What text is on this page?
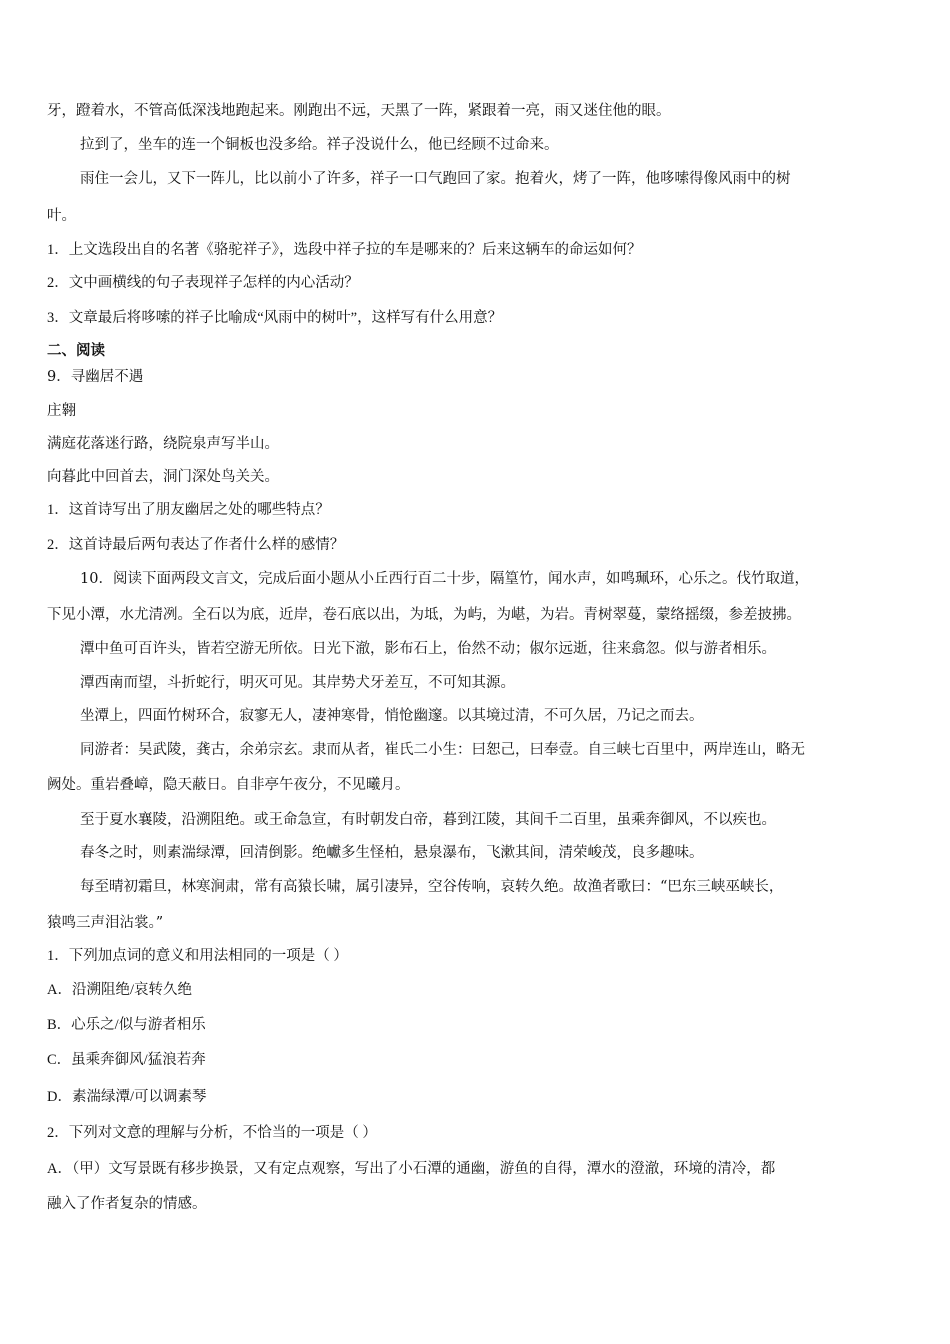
牙，蹬着水，不管高低深浅地跑起来。刚跑出不远，天黑了一阵，紧跟着一亮，雨又迷住他的眼。
拉到了，坐车的连一个铜板也没多给。祥子没说什么，他已经顾不过命来。
雨住一会儿，又下一阵儿，比以前小了许多，祥子一口气跑回了家。抱着火，烤了一阵，他哆嗦得像风雨中的树
叶。
1．上文选段出自的名著《骆驼祥子》，选段中祥子拉的车是哪来的？后来这辆车的命运如何？
2．文中画横线的句子表现祥子怎样的内心活动？
3．文章最后将哆嗦的祥子比喻成“风雨中的树叶”，这样写有什么用意？
二、阅读
9．寻幽居不遇
庄翱
满庭花落迷行路，绕院泉声写半山。
向暮此中回首去，洞门深处鸟关关。
1．这首诗写出了朋友幽居之处的哪些特点？
2．这首诗最后两句表达了作者什么样的感情？
10．阅读下面两段文言文，完成后面小题从小丘西行百二十步，隔篁竹，闻水声，如鸣珮环，心乐之。伐竹取道，
下见小潭，水尤清冽。全石以为底，近岸，卷石底以出，为坻，为屿，为嵁，为岩。青树翠蔓，蒙络摇缀，参差披拂。
潭中鱼可百许头，皆若空游无所依。日光下澈，影布石上，佁然不动；俶尔远逝，往来翕忽。似与游者相乐。
潭西南而望，斗折蛇行，明灭可见。其岸势犬牙差互，不可知其源。
坐潭上，四面竹树环合，寂寥无人，凄神寒骨，悄怆幽邃。以其境过清，不可久居，乃记之而去。
同游者：吴武陵，龚古，余弟宗玄。隶而从者，崔氏二小生：曰恕己，曰奉壹。自三峡七百里中，两岸连山，略无
阙处。重岩叠嶂，隐天蔽日。自非亭午夜分，不见曦月。
至于夏水襄陵，沿溯阻绝。或王命急宣，有时朝发白帝，暮到江陵，其间千二百里，虽乘奔御风，不以疾也。
春冬之时，则素湍绿潭，回清倒影。绝巘多生怪柏，悬泉瀑布，飞漱其间，清荣峻茂，良多趣味。
每至晴初霜旦，林寒涧肃，常有高猿长啸，属引凄异，空谷传响，哀转久绝。故渔者歌曰：“巴东三峡巫峡长，
猿鸣三声泪沾裳。”
1．下列加点词的意义和用法相同的一项是（ ）
A．沿溯阻绝/哀转久绝
B．心乐之/似与游者相乐
C．虽乘奔御风/猛浪若奔
D．素湍绿潭/可以调素琴
2．下列对文意的理解与分析，不恰当的一项是（ ）
A．（甲）文写景既有移步换景，又有定点观察，写出了小石潭的通幽，游鱼的自得，潭水的澄澈，环境的清冷，都
融入了作者复杂的情感。
